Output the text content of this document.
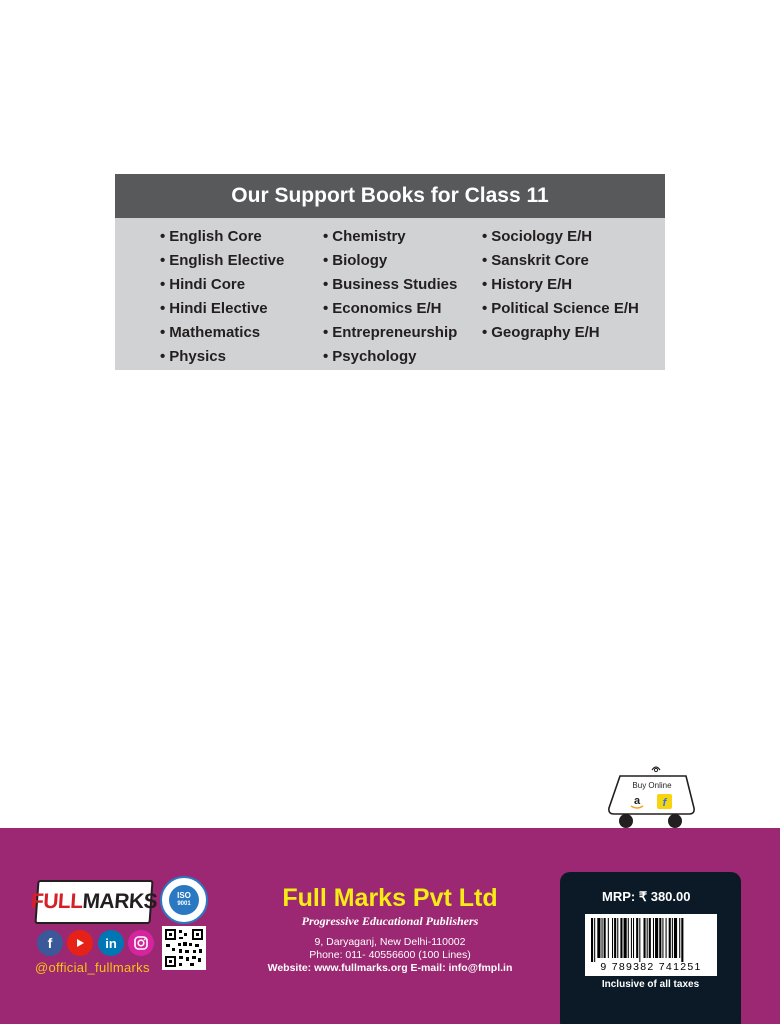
Our Support Books for Class 11
• English Core
• English Elective
• Hindi Core
• Hindi Elective
• Mathematics
• Physics
• Chemistry
• Biology
• Business Studies
• Economics E/H
• Entrepreneurship
• Psychology
• Sociology E/H
• Sanskrit Core
• History E/H
• Political Science E/H
• Geography E/H
Buy Online
a f
FULLMARKS ISO
9001
f	in
@official_fullmarks
Full Marks Pvt Ltd
Progressive Educational Publishers
9, Daryaganj, New Delhi-110002
Phone: 011- 40556600 (100 Lines)
Website: www.fullmarks.org E-mail: info@fmpl.in
MRP: ₹ 380.00
9 789382 741251
Inclusive of all taxes
